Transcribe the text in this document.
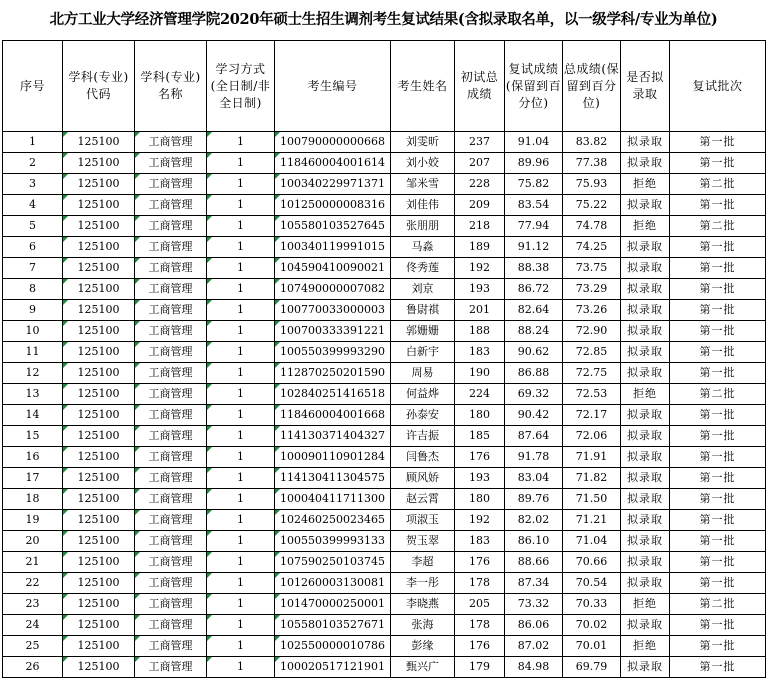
北方工业大学经济管理学院2020年硕士生招生调剂考生复试结果(含拟录取名单，以一级学科/专业为单位)
序号	学科(专业)代码	学科(专业)名称	学习方式(全日制/非全日制)	考生编号	考生姓名	初试总成绩	复试成绩(保留到百分位)	总成绩(保留到百分位)	是否拟录取	复试批次
1	125100	工商管理	1	100790000000668	刘雯昕	237	91.04	83.82	拟录取	第一批
2	125100	工商管理	1	118460004001614	刘小姣	207	89.96	77.38	拟录取	第一批
3	125100	工商管理	1	100340229971371	邹米雪	228	75.82	75.93	拒绝	第二批
4	125100	工商管理	1	101250000008316	刘佳伟	209	83.54	75.22	拟录取	第一批
5	125100	工商管理	1	105580103527645	张朋朋	218	77.94	74.78	拒绝	第二批
6	125100	工商管理	1	100340119991015	马淼	189	91.12	74.25	拟录取	第一批
7	125100	工商管理	1	104590410090021	佟秀莲	192	88.38	73.75	拟录取	第一批
8	125100	工商管理	1	107490000007082	刘京	193	86.72	73.29	拟录取	第一批
9	125100	工商管理	1	100770033000003	鲁尉祺	201	82.64	73.26	拟录取	第一批
10	125100	工商管理	1	100700333391221	郭姗姗	188	88.24	72.90	拟录取	第一批
11	125100	工商管理	1	100550399993290	白新宇	183	90.62	72.85	拟录取	第一批
12	125100	工商管理	1	112870250201590	周易	190	86.88	72.75	拟录取	第一批
13	125100	工商管理	1	102840251416518	何益烨	224	69.32	72.53	拒绝	第二批
14	125100	工商管理	1	118460004001668	孙泰安	180	90.42	72.17	拟录取	第一批
15	125100	工商管理	1	114130371404327	许吉振	185	87.64	72.06	拟录取	第一批
16	125100	工商管理	1	100090110901284	闫鲁杰	176	91.78	71.91	拟录取	第一批
17	125100	工商管理	1	114130411304575	顾风娇	193	83.04	71.82	拟录取	第一批
18	125100	工商管理	1	100040411711300	赵云霄	180	89.76	71.50	拟录取	第一批
19	125100	工商管理	1	102460250023465	项淑玉	192	82.02	71.21	拟录取	第一批
20	125100	工商管理	1	100550399993133	贺玉翠	183	86.10	71.04	拟录取	第一批
21	125100	工商管理	1	107590250103745	李超	176	88.66	70.66	拟录取	第一批
22	125100	工商管理	1	101260003130081	李一彤	178	87.34	70.54	拟录取	第一批
23	125100	工商管理	1	101470000250001	李晓燕	205	73.32	70.33	拒绝	第二批
24	125100	工商管理	1	105580103527671	张海	178	86.06	70.02	拟录取	第一批
25	125100	工商管理	1	102550000010786	彭缘	176	87.02	70.01	拒绝	第一批
26	125100	工商管理	1	100020517121901	甄兴广	179	84.98	69.79	拟录取	第一批
